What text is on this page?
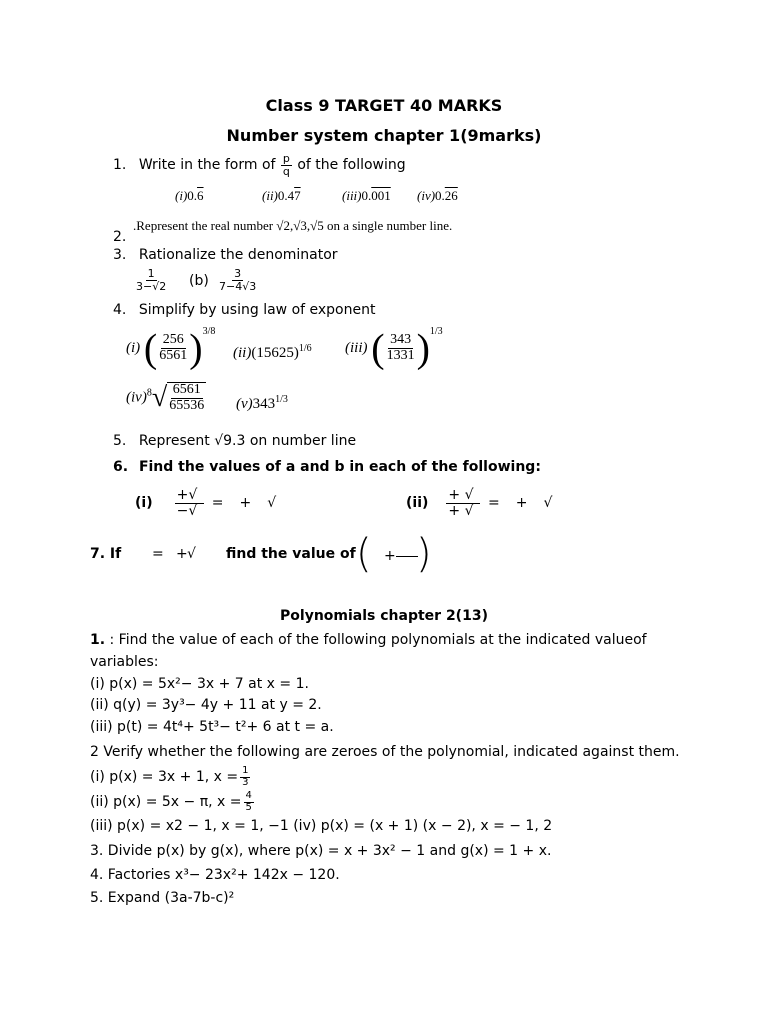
Class 9 TARGET 40 MARKS
Number system chapter 1(9marks)
1. Write in the form of $\frac{p}{q}$ of the following
(i)0.6	(ii)0.47	(iii)0.001 (iv)0.26
.Represent the real number √2,√3,√5 on a single number line.
2.
3. Rationalize the denominator
$\frac{1}{3-√2} (b) \frac{3}{7-4√3}$
4. Simplify by using law of exponent
(i) ( $\frac{256}{6561} )^{3/8}$
$(ii)(15625)^{1/6}$ (iii) ( $\frac{343}{1331} )^{1/3}$
$(iv)^8√ \frac{6561}{65536} (v)343^{1/3}$
5. Represent √9.3 on number line
6. Find the values of a and b in each of the following:
$(i) \frac{+√}{-√}$ = + √	$(ii) \frac{+ √}{+ √}$ = + √
7. If = + √ find the value of ( + )
Polynomials chapter 2(13)
1. : Find the value of each of the following polynomials at the indicated valueof
variables:
(i) p(x) = 5x²− 3x + 7 at x = 1.
(ii) q(y) = 3y³− 4y + 11 at y = 2.
(iii) p(t) = 4t⁴+ 5t³− t²+ 6 at t = a.
2 Verify whether the following are zeroes of the polynomial, indicated against them.
(i) p(x) = 3x + 1, $x = \frac{1}{3}$
(ii) p(x) = 5x − π, $x = \frac{4}{5}$
(iii) p(x) = x2 − 1, x = 1, −1 (iv) p(x) = (x + 1) (x − 2), x = − 1, 2
3. Divide p(x) by g(x), where p(x) = x + 3x² − 1 and g(x) = 1 + x.
4. Factories x³− 23x²+ 142x − 120.
5. Expand (3a-7b-c)²
